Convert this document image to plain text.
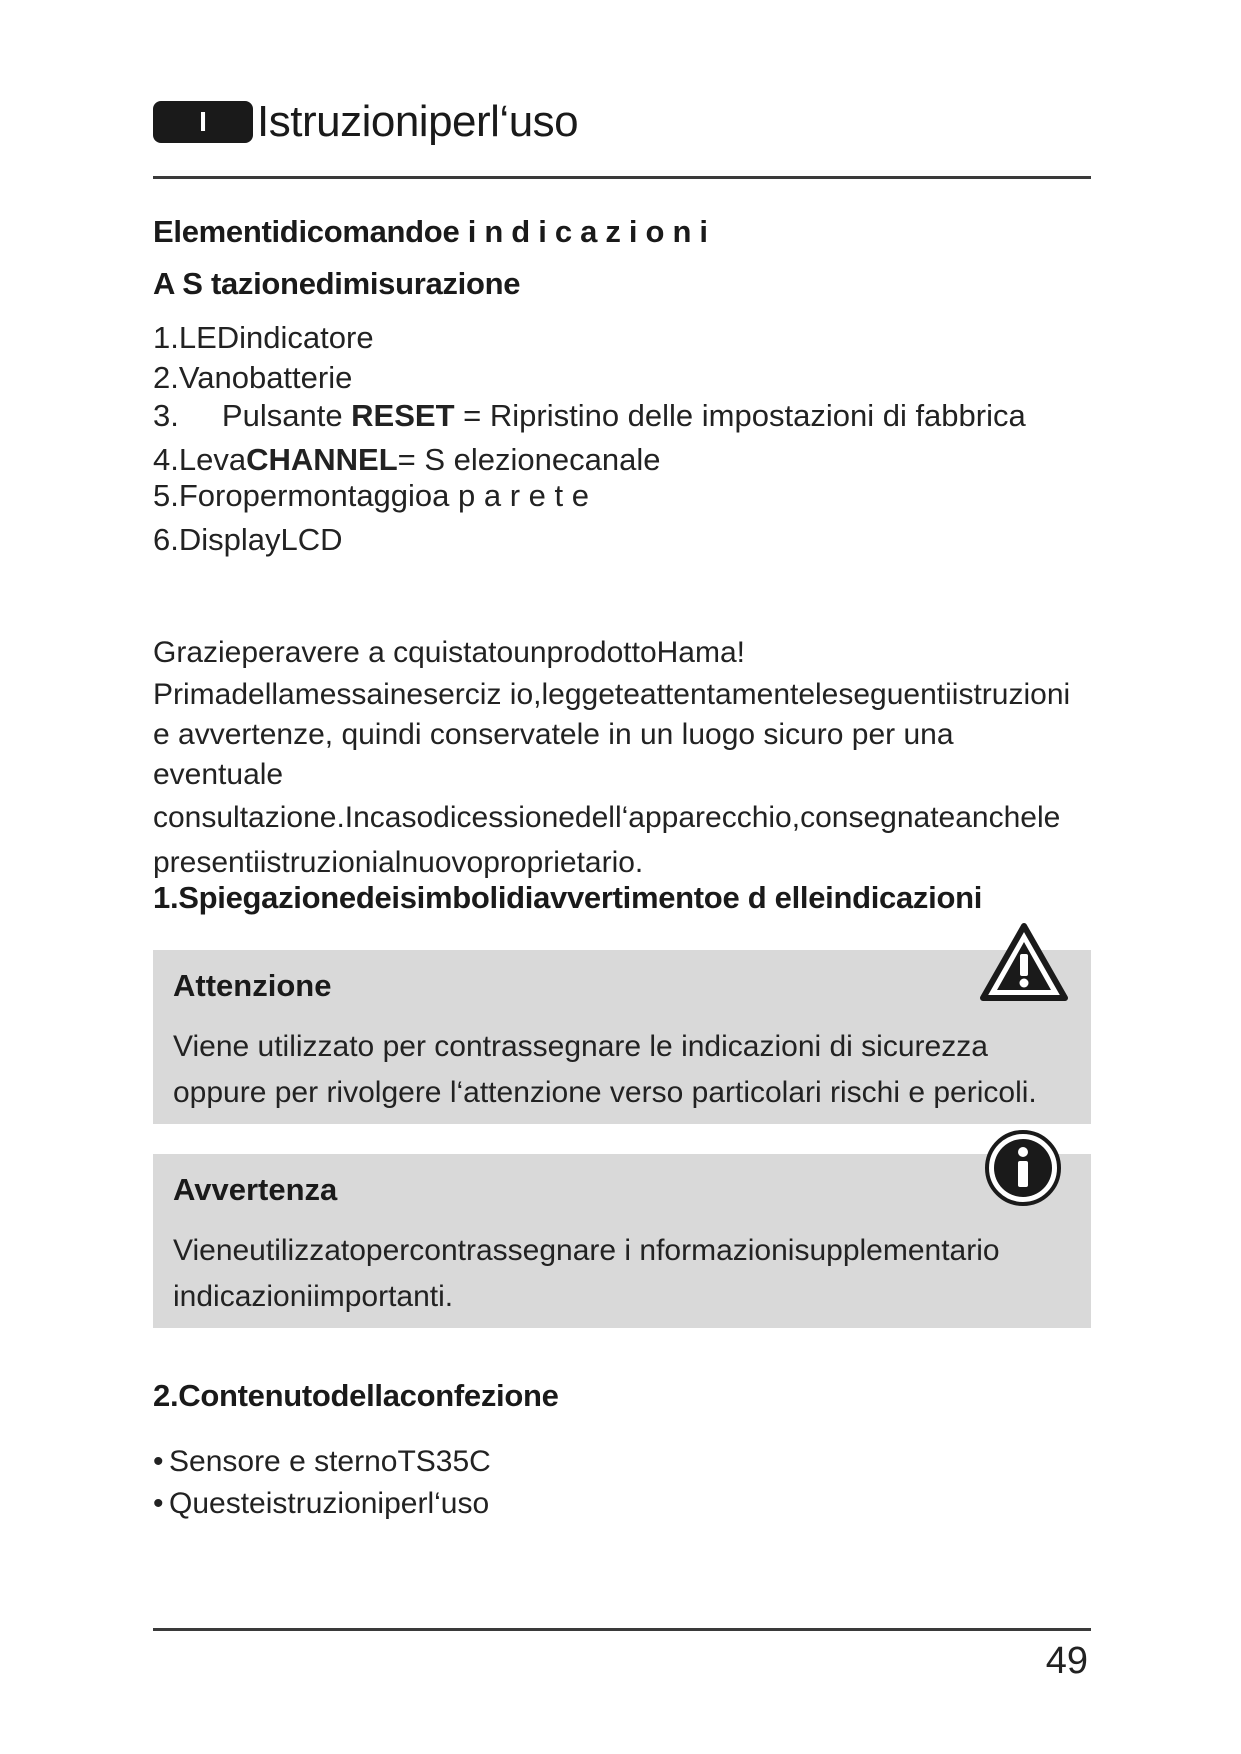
I	Istruzioniperl‘uso
Elementidicomandoe i n d i c a z i o n i
A S tazionedimisurazione
1.LEDindicatore
2.Vanobatterie
3.     Pulsante RESET = Ripristino delle impostazioni di fabbrica
4.LevaCHANNEL= S elezionecanale
5.Foropermontaggioa p a r e t e
6.DisplayLCD

Grazieperavere a cquistatounprodottoHama!

Primadellamessaineserciz io,leggeteattentamenteleseguentiistruzioni

e avvertenze, quindi conservatele in un luogo sicuro per una eventuale

consultazione.Incasodicessionedell‘apparecchio,consegnateanchele

presentiistruzionialnuovoproprietario.

1.Spiegazionedeisimbolidiavvertimentoe d elleindicazioni
Attenzione
Viene utilizzato per contrassegnare le indicazioni di sicurezza oppure per rivolgere l‘attenzione verso particolari rischi e pericoli.
Avvertenza
Vieneutilizzatopercontrassegnare i nformazionisupplementario indicazioniimportanti.
2.Contenutodellaconfezione
• Sensore e sternoTS35C
• Questeistruzioniperl‘uso
49
